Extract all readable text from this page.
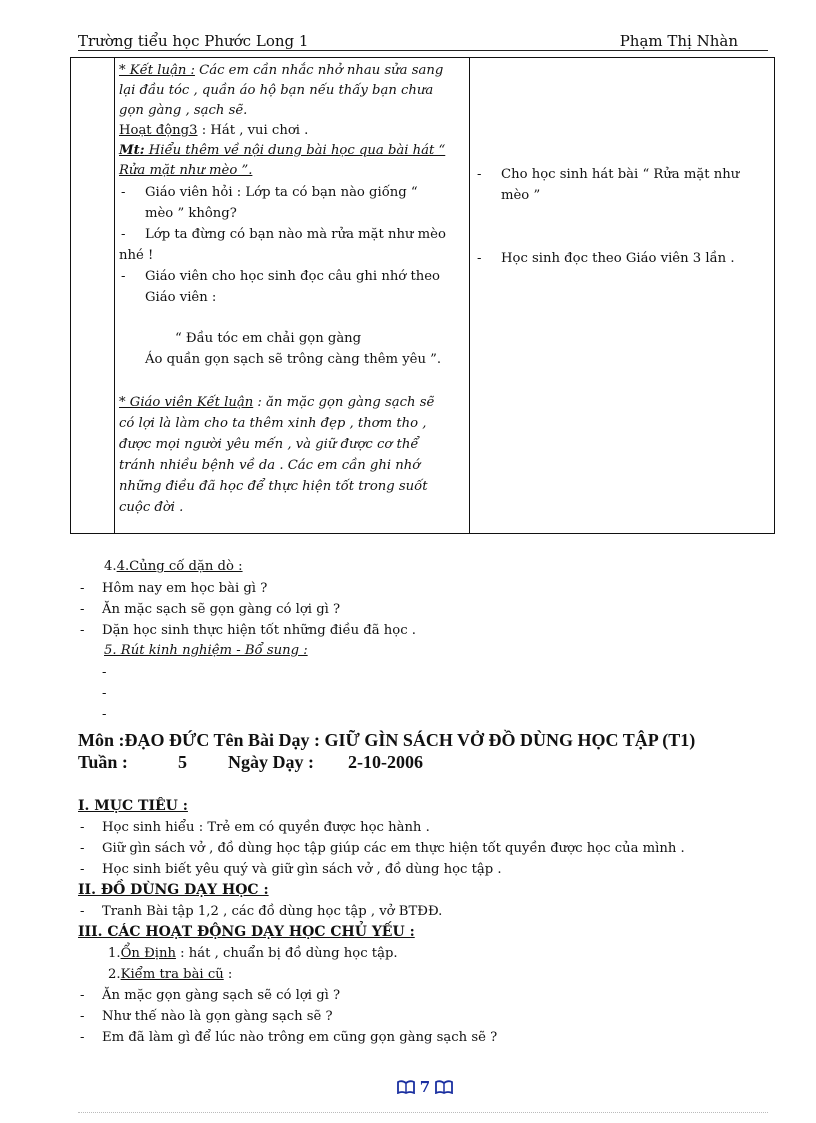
Trường tiểu học Phước Long 1	Phạm Thị Nhàn
* Kết luận : Các em cần nhắc nhở nhau sửa sang
lại đầu tóc , quần áo hộ bạn nếu thấy bạn chưa
gọn gàng , sạch sẽ.
Hoạt động3 : Hát , vui chơi .
Mt: Hiểu thêm về nội dung bài học qua bài hát “
Rửa mặt như mèo ”.
- Giáo viên hỏi : Lớp ta có bạn nào giống “
mèo ” không?
- Lớp ta đừng có bạn nào mà rửa mặt như mèo
nhé !
- Giáo viên cho học sinh đọc câu ghi nhớ theo
Giáo viên :
“ Đầu tóc em chải gọn gàng
Áo quần gọn sạch sẽ trông càng thêm yêu ”.
* Giáo viên Kết luận : ăn mặc gọn gàng sạch sẽ
có lợi là làm cho ta thêm xinh đẹp , thơm tho ,
được mọi người yêu mến , và giữ được cơ thể
tránh nhiều bệnh về da . Các em cần ghi nhớ
những điều đã học để thực hiện tốt trong suốt
cuộc đời .
- Cho học sinh hát bài “ Rửa mặt như
mèo ”
- Học sinh đọc theo Giáo viên 3 lần .
4.4.Củng cố dặn dò :
- Hôm nay em học bài gì ?
- Ăn mặc sạch sẽ gọn gàng có lợi gì ?
- Dặn học sinh thực hiện tốt những điều đã học .
5. Rút kinh nghiệm - Bổ sung :
-
-
-
Môn :ĐẠO ĐỨC Tên Bài Dạy : GIỮ GÌN SÁCH VỞ ĐỒ DÙNG HỌC TẬP (T1)
Tuần :	5 Ngày Dạy : 2-10-2006
I. MỤC TIÊU :
- Học sinh hiểu : Trẻ em có quyền được học hành .
- Giữ gìn sách vở , đồ dùng học tập giúp các em thực hiện tốt quyền được học của mình .
- Học sinh biết yêu quý và giữ gìn sách vở , đồ dùng học tập .
II. ĐỒ DÙNG DẠY HỌC :
- Tranh Bài tập 1,2 , các đồ dùng học tập , vở BTĐĐ.
III. CÁC HOẠT ĐỘNG DẠY HỌC CHỦ YẾU :
1.Ổn Định : hát , chuẩn bị đồ dùng học tập.
2.Kiểm tra bài cũ :
- Ăn mặc gọn gàng sạch sẽ có lợi gì ?
- Như thế nào là gọn gàng sạch sẽ ?
- Em đã làm gì để lúc nào trông em cũng gọn gàng sạch sẽ ?
7
